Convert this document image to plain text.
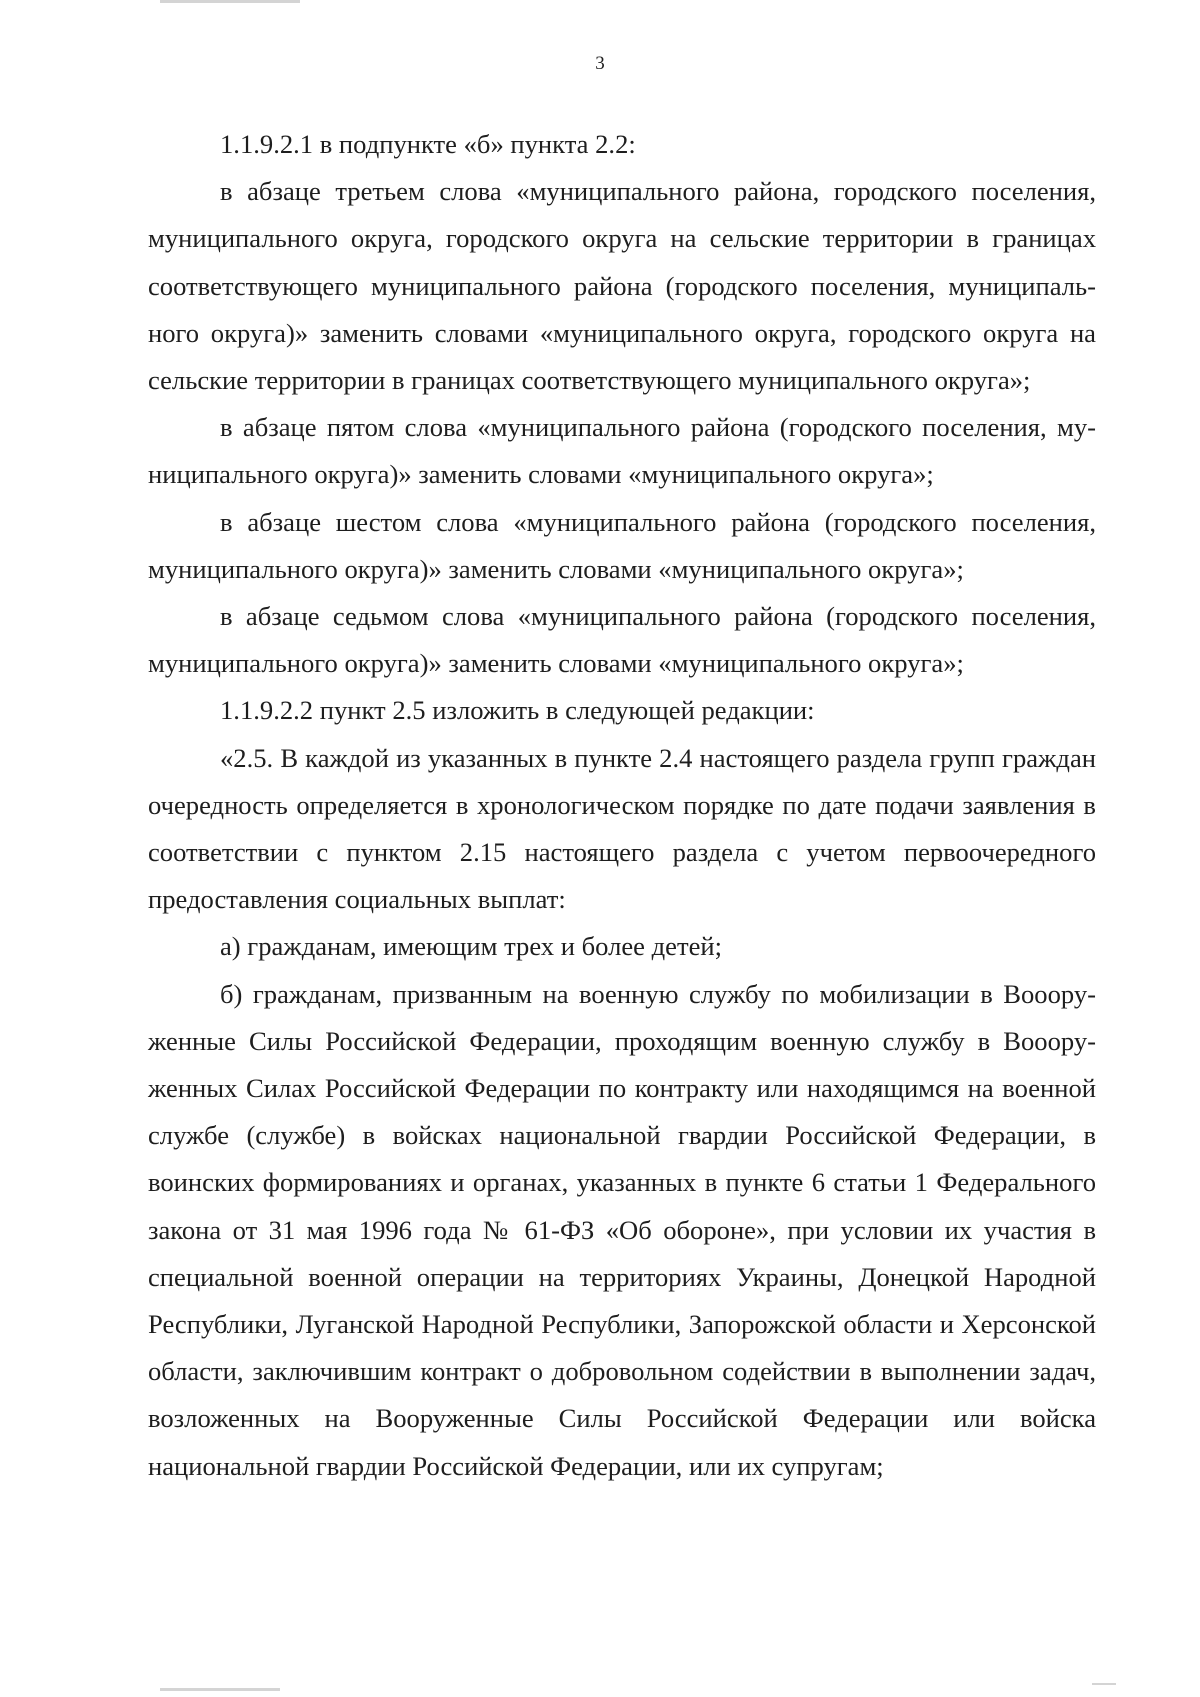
3

1.1.9.2.1 в подпункте «б» пункта 2.2:

в абзаце третьем слова «муниципального района, городского поселения, муниципального округа, городского округа на сельские территории в границах соответствующего муниципального района (городского поселения, муниципального округа)» заменить словами «муниципального округа, городского округа на сельские территории в границах соответствующего муниципального округа»;

в абзаце пятом слова «муниципального района (городского поселения, муниципального округа)» заменить словами «муниципального округа»;

в абзаце шестом слова «муниципального района (городского поселения, муниципального округа)» заменить словами «муниципального округа»;

в абзаце седьмом слова «муниципального района (городского поселения, муниципального округа)» заменить словами «муниципального округа»;

1.1.9.2.2 пункт 2.5 изложить в следующей редакции:

«2.5. В каждой из указанных в пункте 2.4 настоящего раздела групп граждан очередность определяется в хронологическом порядке по дате подачи заявления в соответствии с пунктом 2.15 настоящего раздела с учетом первоочередного предоставления социальных выплат:

а) гражданам, имеющим трех и более детей;

б) гражданам, призванным на военную службу по мобилизации в Воооруженные Силы Российской Федерации, проходящим военную службу в Воооруженных Силах Российской Федерации по контракту или находящимся на военной службе (службе) в войсках национальной гвардии Российской Федерации, в воинских формированиях и органах, указанных в пункте 6 статьи 1 Федерального закона от 31 мая 1996 года № 61-ФЗ «Об обороне», при условии их участия в специальной военной операции на территориях Украины, Донецкой Народной Республики, Луганской Народной Республики, Запорожской области и Херсонской области, заключившим контракт о добровольном содействии в выполнении задач, возложенных на Вооруженные Силы Российской Федерации или войска национальной гвардии Российской Федерации, или их супругам;
